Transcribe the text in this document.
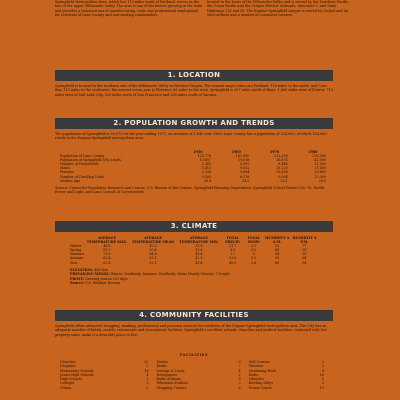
Springfield Metropolitan Area, which lies 110 miles south of Portland, serves as the hub of the upper Willamette Valley. The area is one of the fastest growing in the state and provides a balanced mix of manufacturing, trade and professional employment for residents of Lane County and surrounding communities.
located in the heart of the Willamette Valley and is served by the Southern Pacific, the Union Pacific and the Oregon Electric railroads, Interstate 5, and State Highways 126 and 58. The Eugene-Springfield Airport is served by United and Air West airlines and a number of commuter carriers.
1. LOCATION
Springfield is located in the southern end of the Willamette Valley in Western Oregon. The nearest major cities are Portland, 110 miles to the north, and Coos Bay, 115 miles to the southwest, the nearest ocean port is Florence, 65 miles to the west. Springfield is 297 miles north of Reno, 1,660 miles west of Denver, 710 miles west of Salt Lake City, 520 miles south of San Francisco and 290 miles south of Tacoma.
2. POPULATION GROWTH AND TRENDS
The population of Springfield is 26,075 for the year ending 1971, an increase of 1,840 over 1969. Lane County has a population of 224,000, of which 150,000 reside in the Eugene-Springfield metropolitan area.
	1950	1960	1970	1980
Population of Lane County	125,776	162,890	213,358	250,000
Population of Springfield City Limits	10,807	19,616	26,874	42,000
Number of Households	3,361	5,987	8,446	11,000
Males	5,413	9,812	13,220	21,400
Females	5,394	9,804	13,654	20,600
Number of Dwelling Units	3,505	6,276	9,094	13,500
Median Age	26.4	24.9	25.1	26.0
Source: Center for Population Research and Census, U.S. Bureau of the Census, Springfield Planning Department, Springfield School District No. 19, Pacific Power and Light, and Lane Council of Governments.
3. CLIMATE
	AVERAGE TEMPERATURE MAX.	AVERAGE TEMPERATURE MEAN	AVERAGE TEMPERATURE MIN.	TOTAL PRECIP.	TOTAL SNOW	HUMIDITY 4 A.M.	HUMIDITY 4 P.M.
Winter	46.8	40.3	33.8	21.7	3.2	92	77
Spring	61.2	50.4	39.6	9.0	0.2	88	55
Summer	79.8	64.6	49.4	1.7	0	84	35
Autumn	63.4	53.1	42.8	12.6	0.2	93	64
Year	62.8	52.1	41.4	45.0	3.6	89	58
ELEVATION: 456 feet
PREVAILING WINDS: Winter: Southerly; Summer: Northerly; Mean Hourly Velocity: 7.6 mph
FROST: Growing season 202 days
Source: U.S. Weather Bureau
4. COMMUNITY FACILITIES
Springfield offers attractive shopping, banking, professional and personal services for residents of the Eugene-Springfield metropolitan area. The City has an adequate number of hotels, motels, restaurants and recreational facilities. Springfield's excellent schools, churches and medical facilities, combined with low property taxes, make it a desirable place to live.
FACILITIES
Churches	22	Motels	9	Golf Courses	2
Hospitals	2	Banks	7	Theaters	2
Elementary Schools	16	Savings & Loans	4	Swimming Pools	4
Junior High Schools	4	Newspapers	2	Parks	16
High Schools	2	Radio Stations	5	Libraries	1
Colleges	2	Television Stations	3	Bowling Alleys	3
Clinics	5	Shopping Centers	6	Tennis Courts	12
